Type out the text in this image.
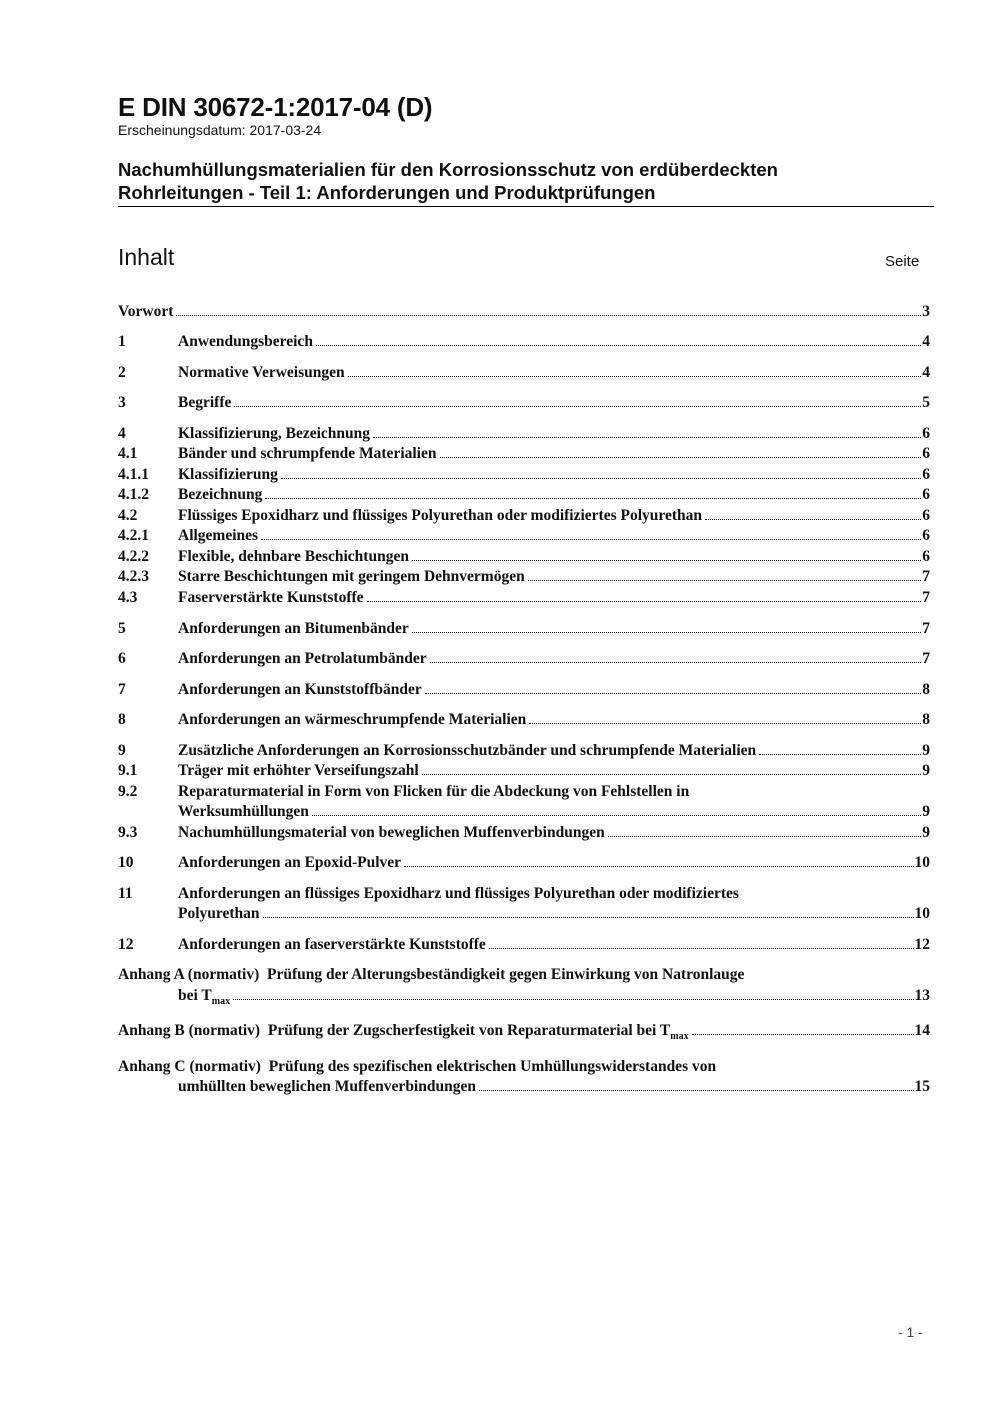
E DIN 30672-1:2017-04 (D)
Erscheinungsdatum: 2017-03-24
Nachumhüllungsmaterialien für den Korrosionsschutz von erdüberdeckten
Rohrleitungen - Teil 1: Anforderungen und Produktprüfungen
Inhalt	Seite
Vorwort	3
1	Anwendungsbereich	4
2	Normative Verweisungen	4
3	Begriffe	5
4	Klassifizierung, Bezeichnung	6
4.1	Bänder und schrumpfende Materialien	6
4.1.1	Klassifizierung	6
4.1.2	Bezeichnung	6
4.2	Flüssiges Epoxidharz und flüssiges Polyurethan oder modifiziertes Polyurethan	6
4.2.1	Allgemeines	6
4.2.2	Flexible, dehnbare Beschichtungen	6
4.2.3	Starre Beschichtungen mit geringem Dehnvermögen	7
4.3	Faserverstärkte Kunststoffe	7
5	Anforderungen an Bitumenbänder	7
6	Anforderungen an Petrolatumbänder	7
7	Anforderungen an Kunststoffbänder	8
8	Anforderungen an wärmeschrumpfende Materialien	8
9	Zusätzliche Anforderungen an Korrosionsschutzbänder und schrumpfende Materialien	9
9.1	Träger mit erhöhter Verseifungszahl	9
9.2	Reparaturmaterial in Form von Flicken für die Abdeckung von Fehlstellen in
Werksumhüllungen	9
9.3	Nachumhüllungsmaterial von beweglichen Muffenverbindungen	9
10	Anforderungen an Epoxid-Pulver	10
11	Anforderungen an flüssiges Epoxidharz und flüssiges Polyurethan oder modifiziertes
Polyurethan	10
12	Anforderungen an faserverstärkte Kunststoffe	12
Anhang A (normativ) Prüfung der Alterungsbeständigkeit gegen Einwirkung von Natronlauge
bei $T_{max}$	13
Anhang B (normativ) Prüfung der Zugscherfestigkeit von Reparaturmaterial bei $T_{max}$	14
Anhang C (normativ) Prüfung des spezifischen elektrischen Umhüllungswiderstandes von
umhüllten beweglichen Muffenverbindungen	15
- 1 -
